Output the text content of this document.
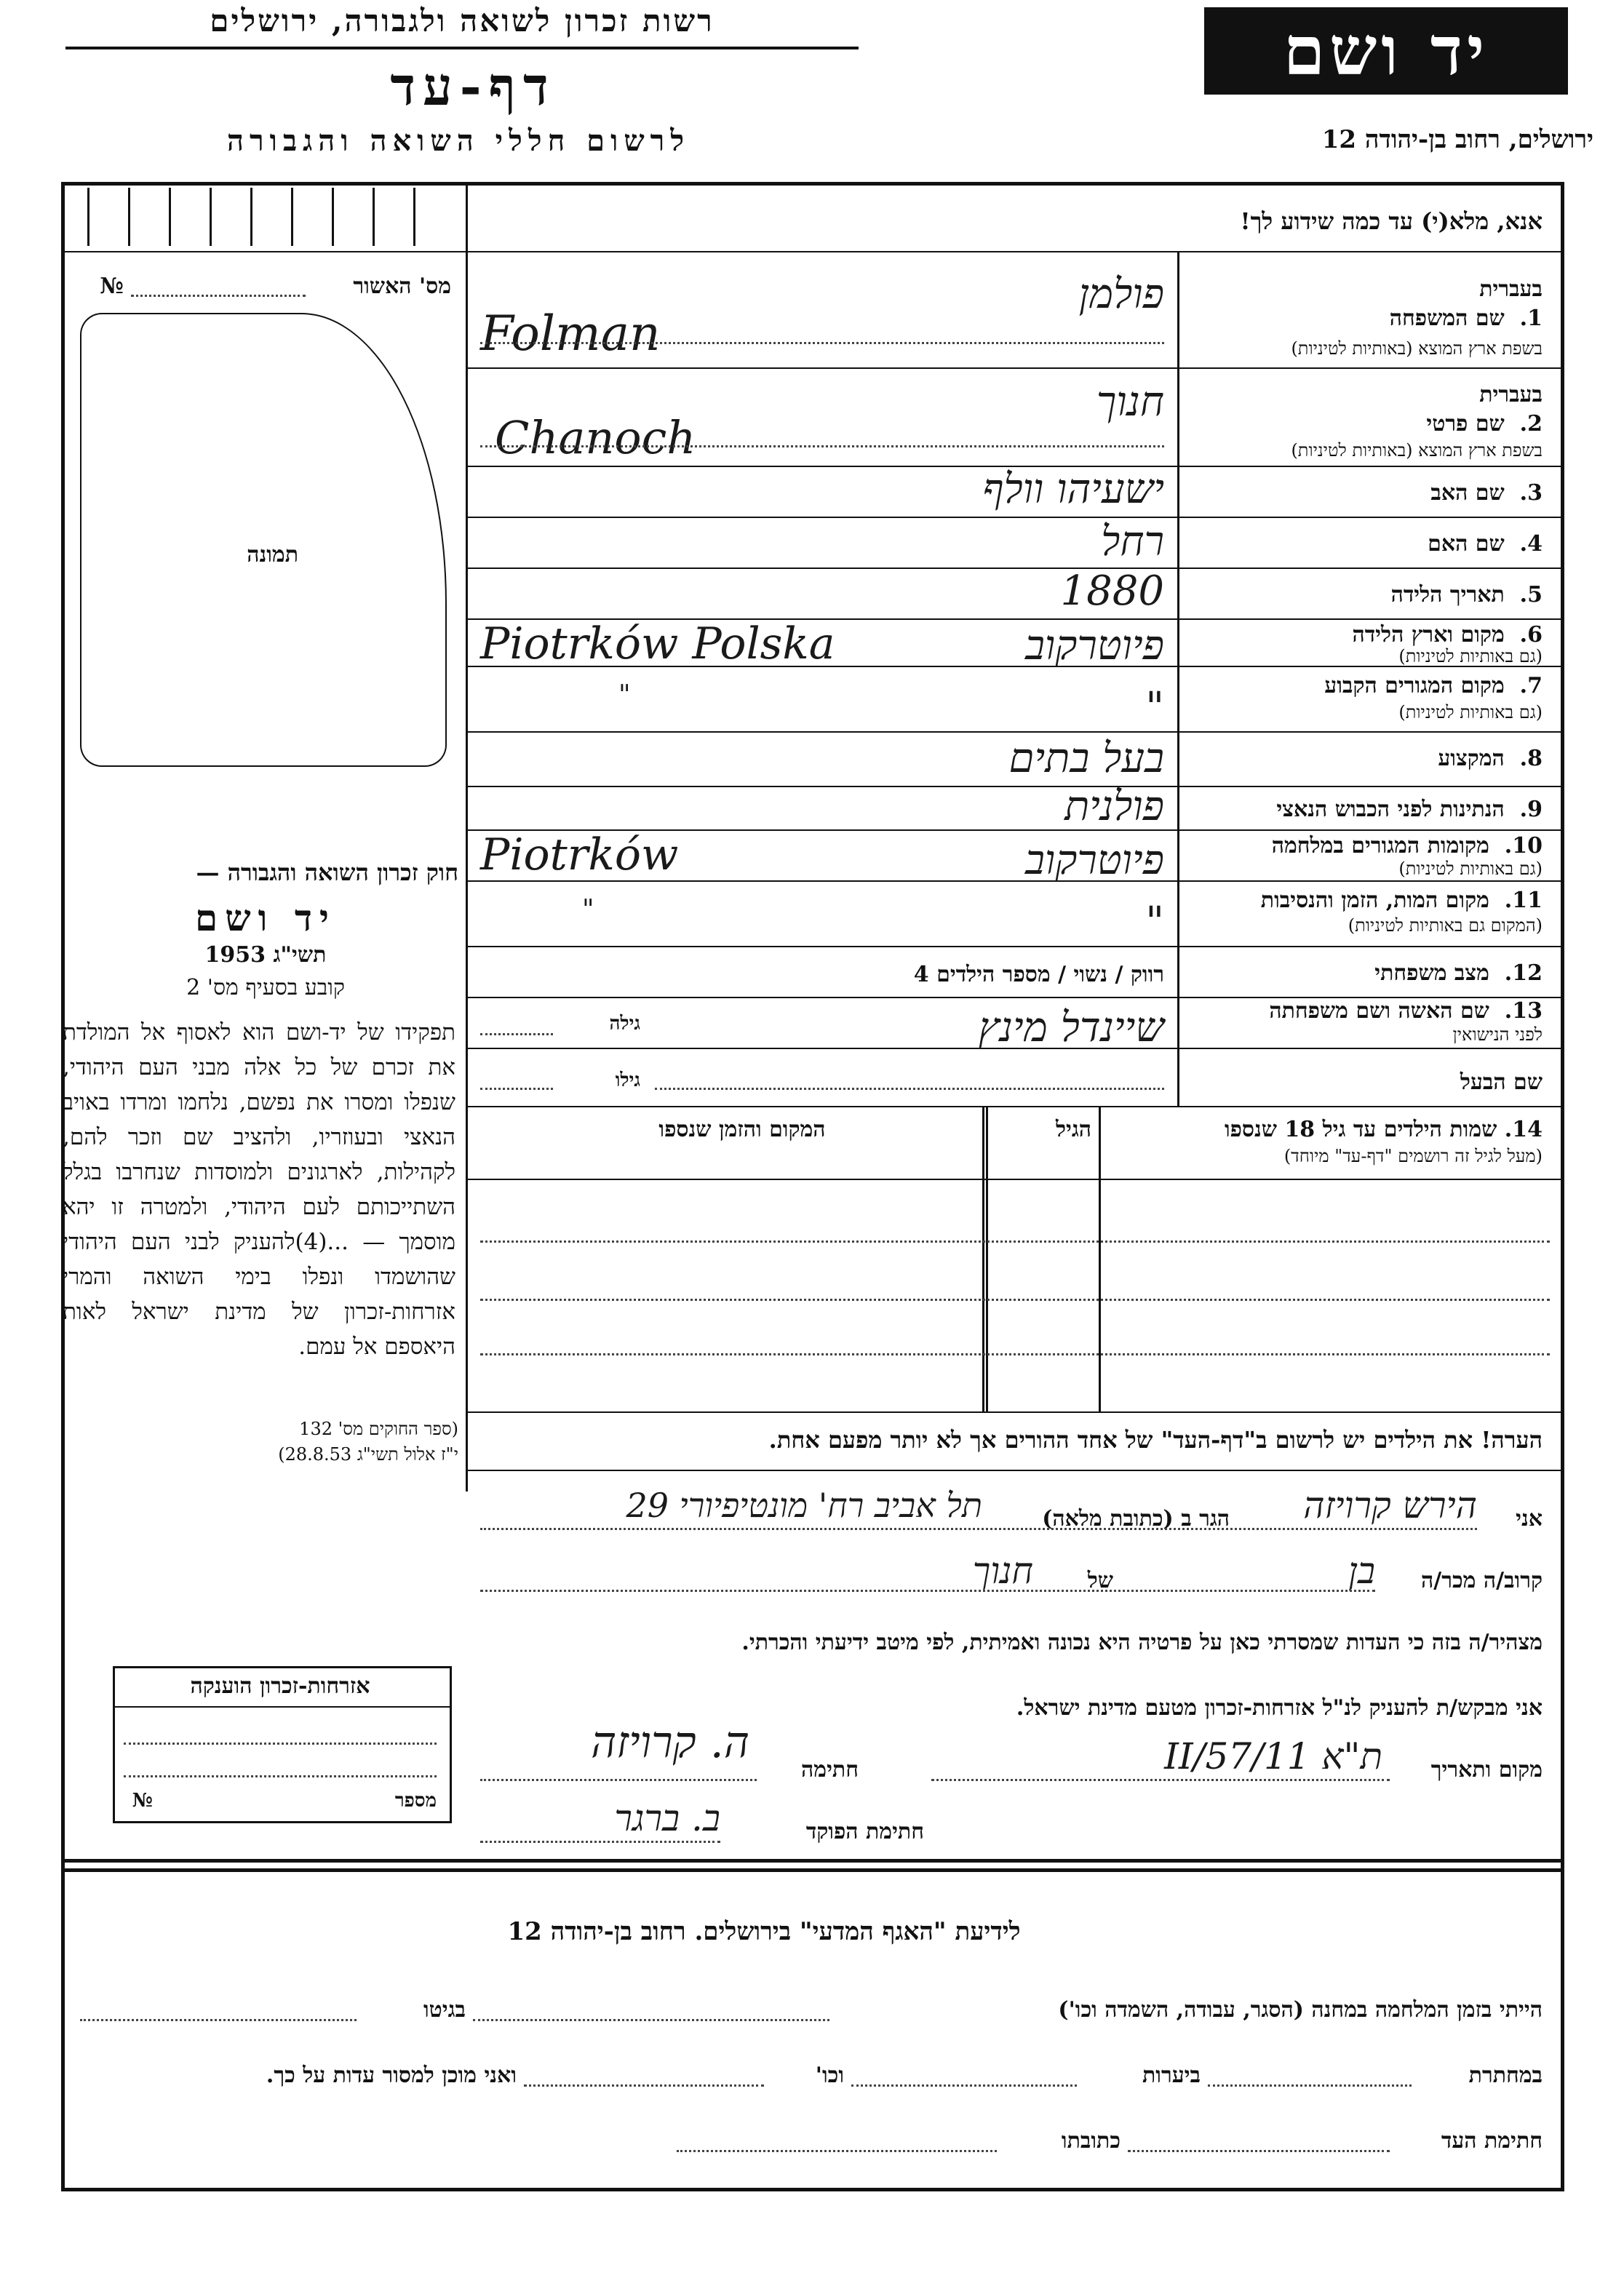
רשות זכרון לשואה ולגבורה, ירושלים
דף-עד
לרשום חללי השואה והגבורה
יד ושם
ירושלים, רחוב בן-יהודה 12
אנא, מלא(י) עד כמה שידוע לך!
מס' האשור
№
תמונה
בעברית
1.  שם המשפחה
בשפת ארץ המוצא (באותיות לטיניות)
פולמן
Folman
בעברית
2.  שם פרטי
בשפת ארץ המוצא (באותיות לטיניות)
חנוך
Chanoch
3.  שם האב
ישעיהו וולף
4.  שם האם
רחל
5.  תאריך הלידה
1880
6.  מקום וארץ הלידה
(גם באותיות לטיניות)
פיוטרקוב
Piotrków Polska
7.  מקום המגורים הקבוע
(גם באותיות לטיניות)
"
"
8.  המקצוע
בעל בתים
9.  הנתינות לפני הכבוש הנאצי
פולנית
10.  מקומות המגורים במלחמה
(גם באותיות לטיניות)
פיוטרקוב
Piotrków
11.  מקום המות, הזמן והנסיבות
(המקום גם באותיות לטיניות)
"
"
12.  מצב משפחתי
רווק / נשוי / מספר הילדים 4
13.  שם האשה ושם משפחתה
לפני הנישואין
שיינדל מינץ
גילה
שם הבעל
גילו
14. שמות הילדים עד גיל 18 שנספו
(מעל לגיל זה רושמים "דף-עד" מיוחד)
הגיל
המקום והזמן שנספו
הערה! את הילדים יש לרשום ב"דף-העד" של אחד ההורים אך לא יותר מפעם אחת.
אני
הירש קרויזה
הגר ב (כתובת מלאה)
תל אביב רח' מונטיפיורי 29
קרוב/ה מכר/ה
בן
של
חנוך
מצהיר/ה בזה כי העדות שמסרתי כאן על פרטיה היא נכונה ואמיתית, לפי מיטב ידיעתי והכרתי.
אני מבקש/ת להעניק לנ"ל אזרחות-זכרון מטעם מדינת ישראל.
מקום ותאריך
ת"א 11/II/57
חתימה
ה. קרויזה
חתימת הפוקד
ב. ברגר
חוק זכרון השואה והגבורה —
יד ושם
תשי"ג 1953
קובע בסעיף מס' 2
תפקידו של יד-ושם הוא לאסוף אל המולדת את זכרם של כל אלה מבני העם היהודי, שנפלו ומסרו את נפשם, נלחמו ומרדו באויב הנאצי ובעוזריו, ולהציב שם וזכר להם, לקהילות, לארגונים ולמוסדות שנחרבו בגלל השתייכותם לעם היהודי, ולמטרה זו יהא מוסמך — ...(4)להעניק לבני העם היהודי שהושמדו ונפלו בימי השואה והמרי אזרחות-זכרון של מדינת ישראל לאות היאספם אל עמם.
(ספר החוקים מס' 132
י"ז אלול תשי"ג 28.8.53)
אזרחות-זכרון הוענקה
מספר
№
לידיעת "האגף המדעי" בירושלים. רחוב בן-יהודה 12
הייתי בזמן המלחמה במחנה (הסגר, עבודה, השמדה וכו')
בגיטו
במחתרת
ביערות
וכו'
ואני מוכן למסור עדות על כך.
חתימת העד
כתובתו
